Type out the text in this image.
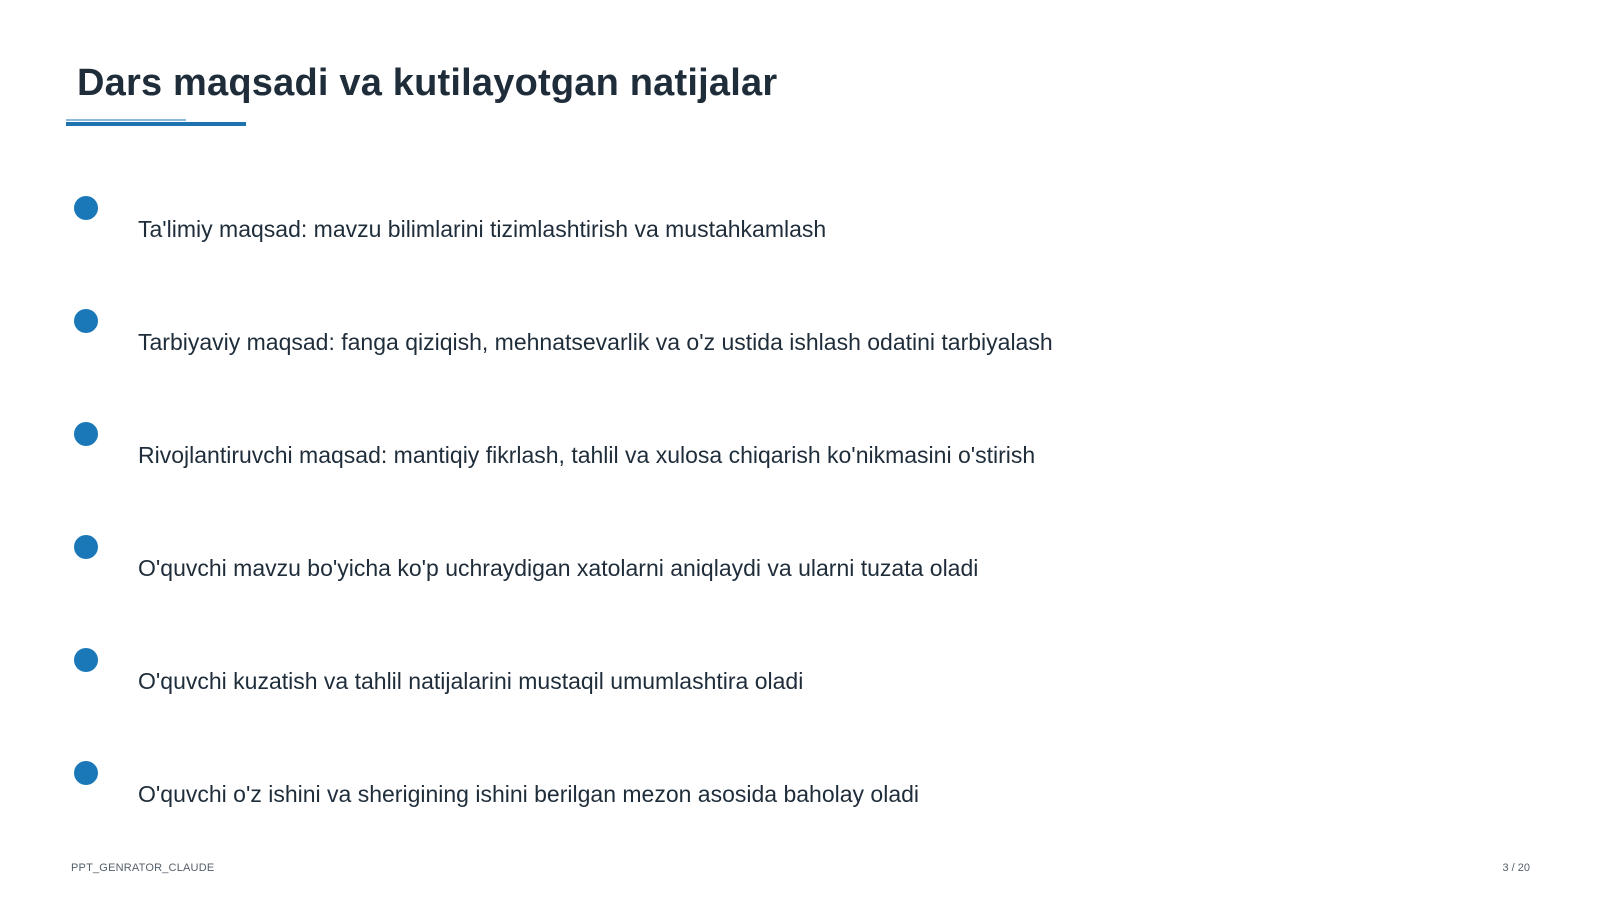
Dars maqsadi va kutilayotgan natijalar
Ta'limiy maqsad: mavzu bilimlarini tizimlashtirish va mustahkamlash
Tarbiyaviy maqsad: fanga qiziqish, mehnatsevarlik va o'z ustida ishlash odatini tarbiyalash
Rivojlantiruvchi maqsad: mantiqiy fikrlash, tahlil va xulosa chiqarish ko'nikmasini o'stirish
O'quvchi mavzu bo'yicha ko'p uchraydigan xatolarni aniqlaydi va ularni tuzata oladi
O'quvchi kuzatish va tahlil natijalarini mustaqil umumlashtira oladi
O'quvchi o'z ishini va sherigining ishini berilgan mezon asosida baholay oladi
PPT_GENRATOR_CLAUDE	3 / 20
